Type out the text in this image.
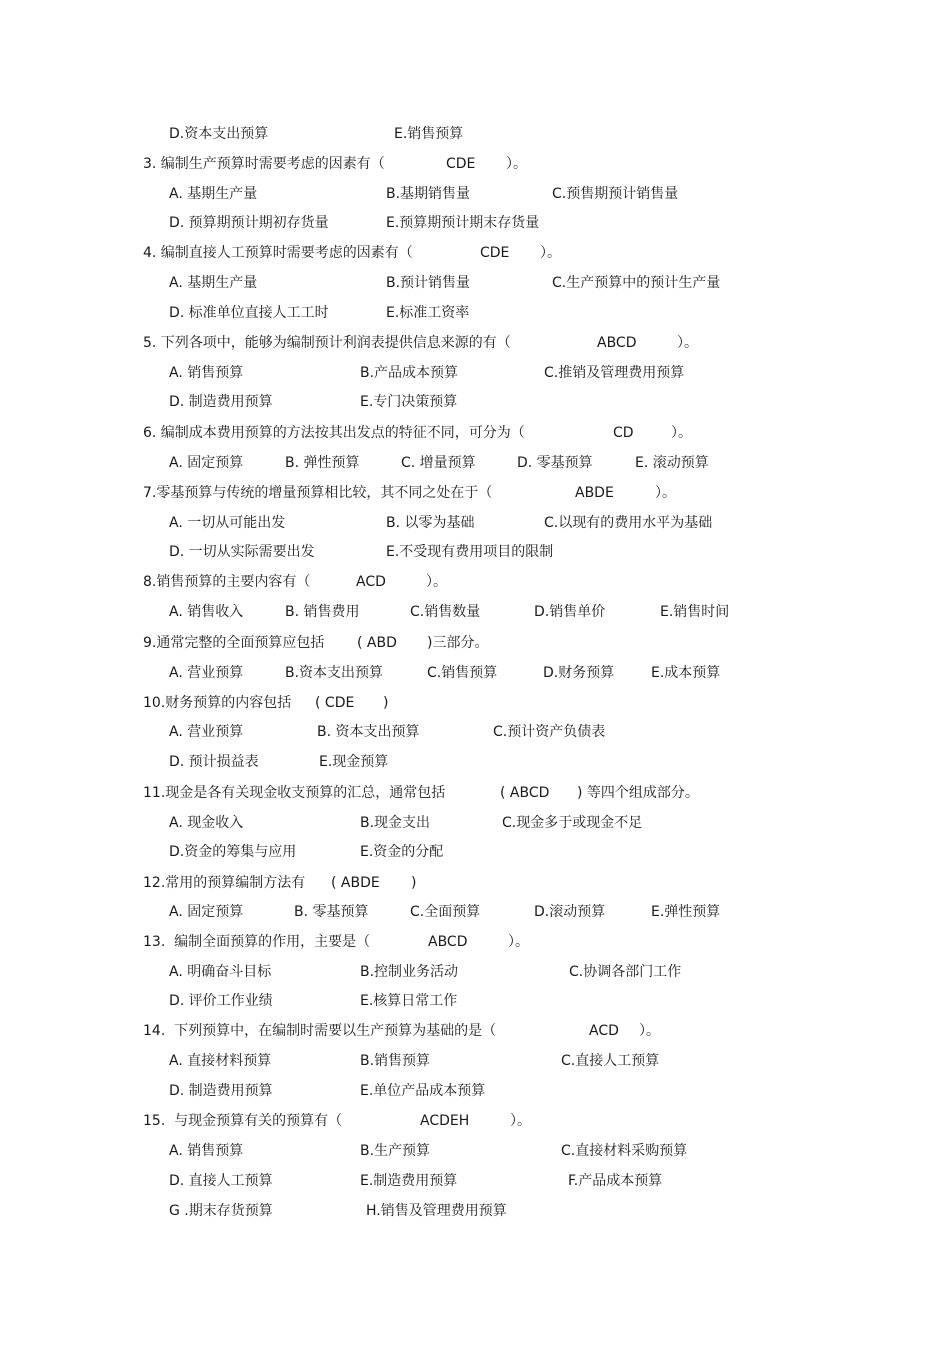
D.资本支出预算	E.销售预算
3. 编制生产预算时需要考虑的因素有（	CDE ）。
A. 基期生产量	B.基期销售量	C.预售期预计销售量
D. 预算期预计期初存货量	E.预算期预计期末存货量
4. 编制直接人工预算时需要考虑的因素有（	CDE ）。
A. 基期生产量	B.预计销售量	C.生产预算中的预计生产量
D. 标准单位直接人工工时	E.标准工资率
5. 下列各项中，能够为编制预计利润表提供信息来源的有（	ABCD	）。
A. 销售预算	B.产品成本预算	C.推销及管理费用预算
D. 制造费用预算	E.专门决策预算
6. 编制成本费用预算的方法按其出发点的特征不同，可分为（	CD	）。
A. 固定预算	B. 弹性预算	C. 增量预算	D. 零基预算	E. 滚动预算
7.零基预算与传统的增量预算相比较，其不同之处在于（	ABDE	）。
A. 一切从可能出发	B. 以零为基础	C.以现有的费用水平为基础
D. 一切从实际需要出发	E.不受现有费用项目的限制
8.销售预算的主要内容有（	ACD	）。
A. 销售收入	B. 销售费用	C.销售数量	D.销售单价	E.销售时间
9.通常完整的全面预算应包括 ( ABD )三部分。
A. 营业预算	B.资本支出预算	C.销售预算	D.财务预算	E.成本预算
10.财务预算的内容包括 ( CDE )
A. 营业预算	B. 资本支出预算	C.预计资产负债表
D. 预计损益表	E.现金预算
11.现金是各有关现金收支预算的汇总，通常包括	( ABCD ) 等四个组成部分。
A. 现金收入	B.现金支出	C.现金多于或现金不足
D.资金的筹集与应用	E.资金的分配
12.常用的预算编制方法有 ( ABDE )
A. 固定预算	B. 零基预算	C.全面预算	D.滚动预算	E.弹性预算
13.  编制全面预算的作用，主要是（	ABCD	）。
A. 明确奋斗目标	B.控制业务活动	C.协调各部门工作
D. 评价工作业绩	E.核算日常工作
14.  下列预算中，在编制时需要以生产预算为基础的是（	ACD ）。
A. 直接材料预算	B.销售预算	C.直接人工预算
D. 制造费用预算	E.单位产品成本预算
15.  与现金预算有关的预算有（	ACDEH	）。
A. 销售预算	B.生产预算	C.直接材料采购预算
D. 直接人工预算	E.制造费用预算	F.产品成本预算
G .期末存货预算	H.销售及管理费用预算
